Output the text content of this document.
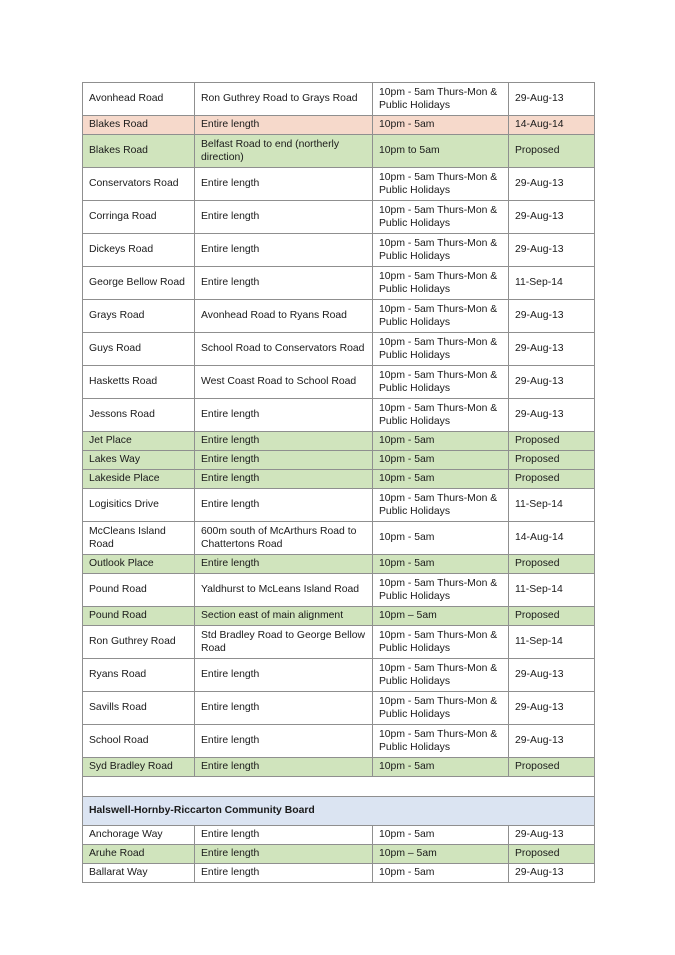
Avonhead Road	Ron Guthrey Road to Grays Road	10pm - 5am Thurs-Mon & Public Holidays	29-Aug-13
Blakes Road	Entire length	10pm - 5am	14-Aug-14
Blakes Road	Belfast Road to end (northerly direction)	10pm to 5am	Proposed
Conservators Road	Entire length	10pm - 5am Thurs-Mon & Public Holidays	29-Aug-13
Corringa Road	Entire length	10pm - 5am Thurs-Mon & Public Holidays	29-Aug-13
Dickeys Road	Entire length	10pm - 5am Thurs-Mon & Public Holidays	29-Aug-13
George Bellow Road	Entire length	10pm - 5am Thurs-Mon & Public Holidays	11-Sep-14
Grays Road	Avonhead Road to Ryans Road	10pm - 5am Thurs-Mon & Public Holidays	29-Aug-13
Guys Road	School Road to Conservators Road	10pm - 5am Thurs-Mon & Public Holidays	29-Aug-13
Hasketts Road	West Coast Road to School Road	10pm - 5am Thurs-Mon & Public Holidays	29-Aug-13
Jessons Road	Entire length	10pm - 5am Thurs-Mon & Public Holidays	29-Aug-13
Jet Place	Entire length	10pm - 5am	Proposed
Lakes Way	Entire length	10pm - 5am	Proposed
Lakeside Place	Entire length	10pm - 5am	Proposed
Logisitics Drive	Entire length	10pm - 5am Thurs-Mon & Public Holidays	11-Sep-14
McCleans Island Road	600m south of McArthurs Road to Chattertons Road	10pm - 5am	14-Aug-14
Outlook Place	Entire length	10pm - 5am	Proposed
Pound Road	Yaldhurst to McLeans Island Road	10pm - 5am Thurs-Mon & Public Holidays	11-Sep-14
Pound Road	Section east of main alignment	10pm – 5am	Proposed
Ron Guthrey Road	Std Bradley Road to George Bellow Road	10pm - 5am Thurs-Mon & Public Holidays	11-Sep-14
Ryans Road	Entire length	10pm - 5am Thurs-Mon & Public Holidays	29-Aug-13
Savills Road	Entire length	10pm - 5am Thurs-Mon & Public Holidays	29-Aug-13
School Road	Entire length	10pm - 5am Thurs-Mon & Public Holidays	29-Aug-13
Syd Bradley Road	Entire length	10pm - 5am	Proposed

Halswell-Hornby-Riccarton Community Board			
Anchorage Way	Entire length	10pm - 5am	29-Aug-13
Aruhe Road	Entire length	10pm – 5am	Proposed
Ballarat Way	Entire length	10pm - 5am	29-Aug-13
